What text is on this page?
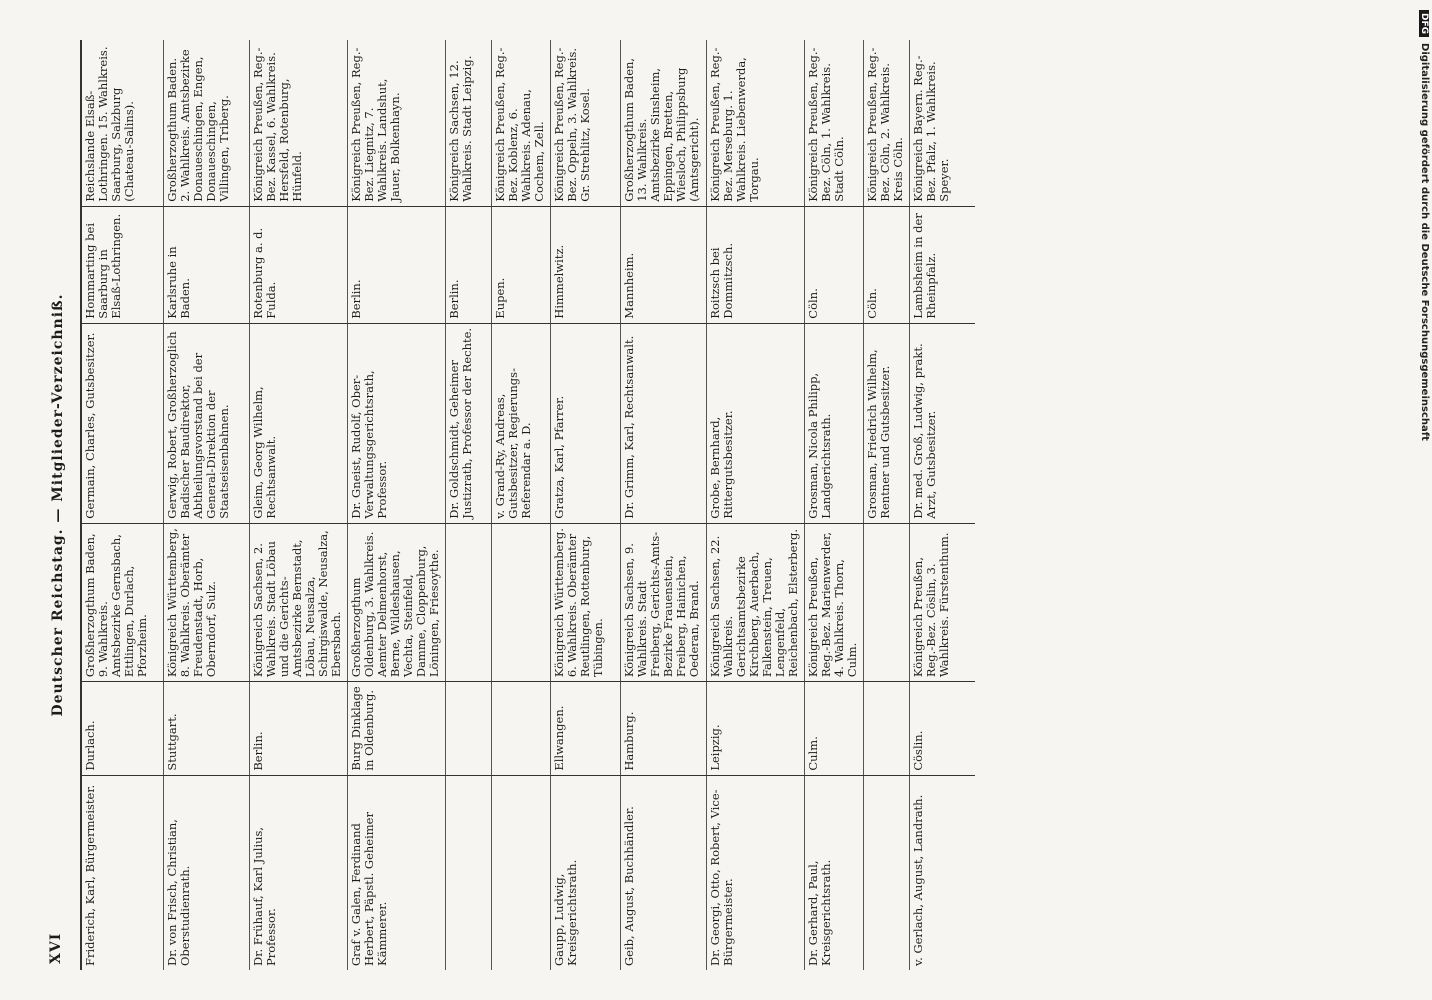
DFGDigitalisierung gefördert durch die Deutsche Forschungsgemeinschaft
XVI
Deutscher Reichstag. — Mitglieder-Verzeichniß.
Friderich, Karl, Bürgermeister.	Durlach.	Großherzogthum Baden, 9. Wahlkreis. Amtsbezirke Gernsbach, Ettlingen, Durlach, Pforzheim.	Germain, Charles, Gutsbesitzer.	Hommarting bei Saarburg in Elsaß-Lothringen.	Reichslande Elsaß-Lothringen. 15. Wahlkreis. Saarburg, Salzburg (Chateau-Salins).
Dr. von Frisch, Christian, Oberstudienrath.	Stuttgart.	Königreich Württemberg, 8. Wahlkreis. Oberämter Freudenstadt, Horb, Oberndorf, Sulz.	Gerwig, Robert, Großherzoglich Badischer Baudirektor, Abtheilungsvorstand bei der General-Direktion der Staatseisenbahnen.	Karlsruhe in Baden.	Großherzogthum Baden. 2. Wahlkreis. Amtsbezirke Donaueschingen, Engen, Donaueschingen, Villingen, Triberg.
Dr. Frühauf, Karl Julius, Professor.	Berlin.	Königreich Sachsen, 2. Wahlkreis. Stadt Löbau und die Gerichts-Amtsbezirke Bernstadt, Löbau, Neusalza, Schirgiswalde, Neusalza, Ebersbach.	Gleim, Georg Wilhelm, Rechtsanwalt.	Rotenburg a. d. Fulda.	Königreich Preußen, Reg.-Bez. Kassel, 6. Wahlkreis. Hersfeld, Rotenburg, Hünfeld.
Graf v. Galen, Ferdinand Herbert, Päpstl. Geheimer Kämmerer.	Burg Dinklage in Oldenburg.	Großherzogthum Oldenburg, 3. Wahlkreis. Aemter Delmenhorst, Berne, Wildeshausen, Vechta, Steinfeld, Damme, Cloppenburg, Löningen, Friesoythe.	Dr. Gneist, Rudolf, Ober-Verwaltungsgerichtsrath, Professor.	Berlin.	Königreich Preußen, Reg.-Bez. Liegnitz, 7. Wahlkreis. Landshut, Jauer, Bolkenhayn.
			Dr. Goldschmidt, Geheimer Justizrath, Professor der Rechte.	Berlin.	Königreich Sachsen, 12. Wahlkreis. Stadt Leipzig.
			v. Grand-Ry, Andreas, Gutsbesitzer, Regierungs-Referendar a. D.	Eupen.	Königreich Preußen, Reg.-Bez. Koblenz, 6. Wahlkreis. Adenau, Cochem, Zell.
Gaupp, Ludwig, Kreisgerichtsrath.	Ellwangen.	Königreich Württemberg. 6. Wahlkreis. Oberämter Reutlingen, Rottenburg, Tübingen.	Gratza, Karl, Pfarrer.	Himmelwitz.	Königreich Preußen, Reg.-Bez. Oppeln, 3. Wahlkreis. Gr. Strehlitz, Kosel.
Geib, August, Buchhändler.	Hamburg.	Königreich Sachsen, 9. Wahlkreis. Stadt Freiberg, Gerichts-Amts-Bezirke Frauenstein, Freiberg, Hainichen, Oederan, Brand.	Dr. Grimm, Karl, Rechtsanwalt.	Mannheim.	Großherzogthum Baden, 13. Wahlkreis. Amtsbezirke Sinsheim, Eppingen, Bretten, Wiesloch, Philippsburg (Amtsgericht).
Dr. Georgi, Otto, Robert, Vice-Bürgermeister.	Leipzig.	Königreich Sachsen, 22. Wahlkreis. Gerichtsamtsbezirke Kirchberg, Auerbach, Falkenstein, Treuen, Lengenfeld, Reichenbach, Elsterberg.	Grobe, Bernhard, Rittergutsbesitzer.	Roitzsch bei Dommitzsch.	Königreich Preußen, Reg.-Bez. Merseburg. 1. Wahlkreis. Liebenwerda, Torgau.
Dr. Gerhard, Paul, Kreisgerichtsrath.	Culm.	Königreich Preußen, Reg.-Bez. Marienwerder, 4. Wahlkreis. Thorn, Culm.	Grosman, Nicola Philipp, Landgerichtsrath.	Cöln.	Königreich Preußen, Reg.-Bez. Cöln, 1. Wahlkreis. Stadt Cöln.
			Grosman, Friedrich Wilhelm, Rentner und Gutsbesitzer.	Cöln.	Königreich Preußen, Reg.-Bez. Cöln, 2. Wahlkreis. Kreis Cöln.
v. Gerlach, August, Landrath.	Cöslin.	Königreich Preußen, Reg.-Bez. Cöslin, 3. Wahlkreis. Fürstenthum.	Dr. med. Groß, Ludwig, prakt. Arzt, Gutsbesitzer.	Lambsheim in der Rheinpfalz.	Königreich Bayern. Reg.-Bez. Pfalz, 1. Wahlkreis. Speyer.
